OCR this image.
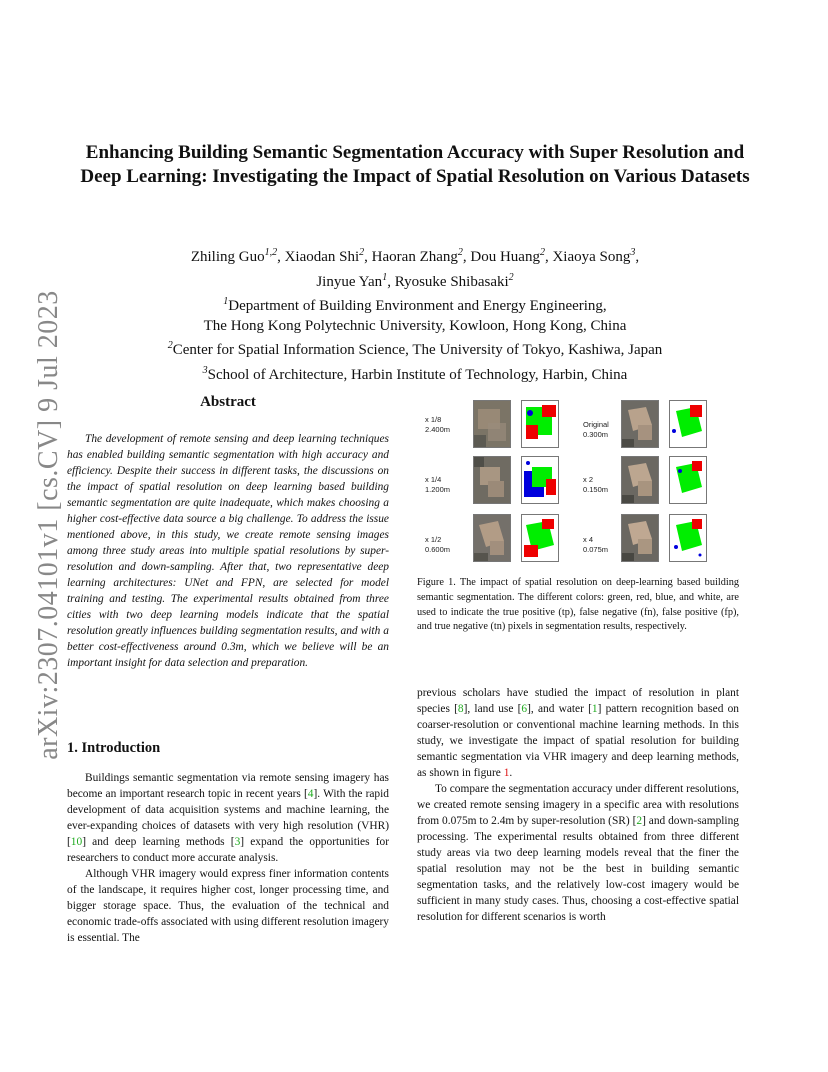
arXiv:2307.04101v1 [cs.CV] 9 Jul 2023
Enhancing Building Semantic Segmentation Accuracy with Super Resolution and Deep Learning: Investigating the Impact of Spatial Resolution on Various Datasets
Zhiling Guo$^{1,2}$, Xiaodan Shi$^2$, Haoran Zhang$^2$, Dou Huang$^2$, Xiaoya Song$^3$,
Jinyue Yan$^1$, Ryosuke Shibasaki$^2$
$^1$Department of Building Environment and Energy Engineering,
The Hong Kong Polytechnic University, Kowloon, Hong Kong, China
$^2$Center for Spatial Information Science, The University of Tokyo, Kashiwa, Japan
$^3$School of Architecture, Harbin Institute of Technology, Harbin, China
Abstract
The development of remote sensing and deep learning techniques has enabled building semantic segmentation with high accuracy and efficiency. Despite their success in different tasks, the discussions on the impact of spatial resolution on deep learning based building semantic segmentation are quite inadequate, which makes choosing a higher cost-effective data source a big challenge. To address the issue mentioned above, in this study, we create remote sensing images among three study areas into multiple spatial resolutions by super-resolution and down-sampling. After that, two representative deep learning architectures: UNet and FPN, are selected for model training and testing. The experimental results obtained from three cities with two deep learning models indicate that the spatial resolution greatly influences building segmentation results, and with a better cost-effectiveness around 0.3m, which we believe will be an important insight for data selection and preparation.
1. Introduction

Buildings semantic segmentation via remote sensing imagery has become an important research topic in recent years [4]. With the rapid development of data acquisition systems and machine learning, the ever-expanding choices of datasets with very high resolution (VHR) [10] and deep learning methods [3] expand the opportunities for researchers to conduct more accurate analysis.

Although VHR imagery would express finer information contents of the landscape, it requires higher cost, longer processing time, and bigger storage space. Thus, the evaluation of the technical and economic trade-offs associated with using different resolution imagery is essential. The

x 1/8
2.400m
x 1/4
1.200m
x 1/2
0.600m
Original
0.300m
x 2
0.150m
x 4
0.075m
Figure 1. The impact of spatial resolution on deep-learning based building semantic segmentation. The different colors: green, red, blue, and white, are used to indicate the true positive (tp), false negative (fn), false positive (fp), and true negative (tn) pixels in segmentation results, respectively.

previous scholars have studied the impact of resolution in plant species [8], land use [6], and water [1] pattern recognition based on coarser-resolution or conventional machine learning methods. In this study, we investigate the impact of spatial resolution for building semantic segmentation via VHR imagery and deep learning methods, as shown in figure 1.

To compare the segmentation accuracy under different resolutions, we created remote sensing imagery in a specific area with resolutions from 0.075m to 2.4m by super-resolution (SR) [2] and down-sampling processing. The experimental results obtained from three different study areas via two deep learning models reveal that the finer the spatial resolution may not be the best in building semantic segmentation tasks, and the relatively low-cost imagery would be sufficient in many study cases. Thus, choosing a cost-effective spatial resolution for different scenarios is worth
